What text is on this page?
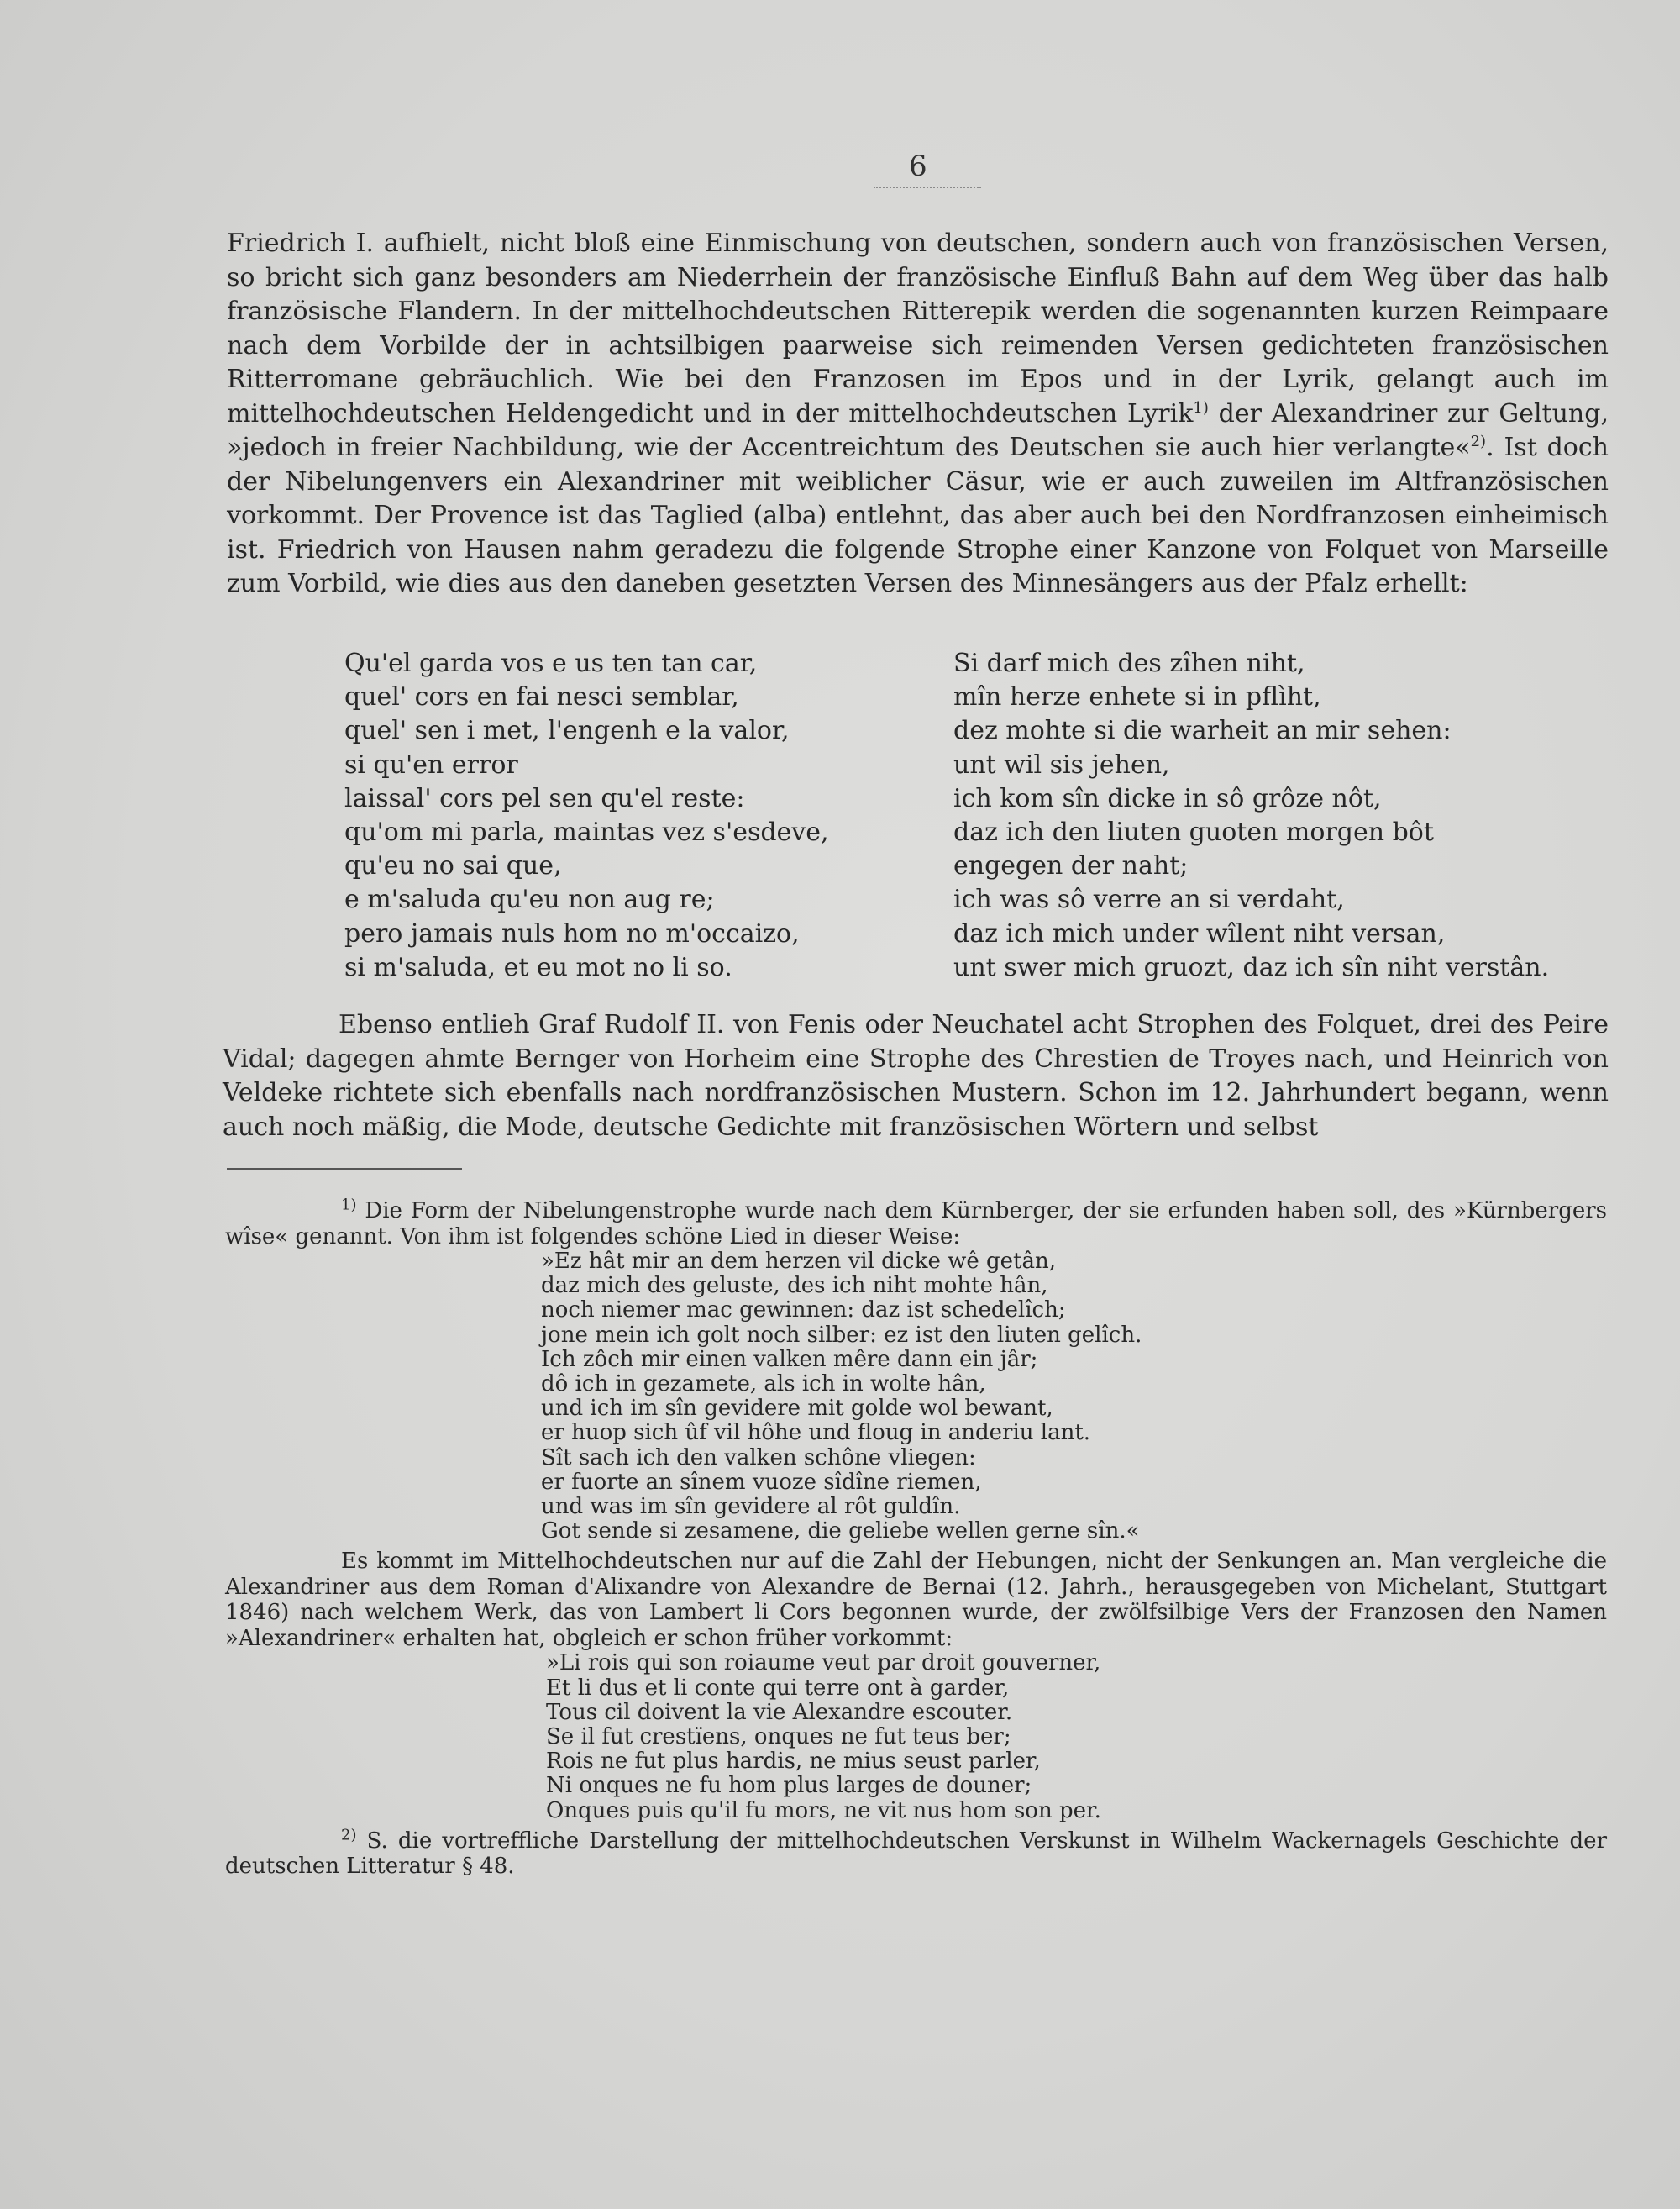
6

Friedrich I. aufhielt, nicht bloß eine Einmischung von deutschen, sondern auch von französischen Versen, so bricht sich ganz besonders am Niederrhein der französische Einfluß Bahn auf dem Weg über das halb französische Flandern. In der mittelhochdeutschen Ritterepik werden die sogenannten kurzen Reimpaare nach dem Vorbilde der in achtsilbigen paarweise sich reimenden Versen gedichteten französischen Ritterromane gebräuchlich. Wie bei den Franzosen im Epos und in der Lyrik, gelangt auch im mittelhochdeutschen Heldengedicht und in der mittelhochdeutschen Lyrik$^{1)}$ der Alexandriner zur Geltung, »jedoch in freier Nachbildung, wie der Accentreichtum des Deutschen sie auch hier verlangte«$^{2)}$. Ist doch der Nibelungenvers ein Alexandriner mit weiblicher Cäsur, wie er auch zuweilen im Altfranzösischen vorkommt. Der Provence ist das Taglied (alba) entlehnt, das aber auch bei den Nordfranzosen einheimisch ist. Friedrich von Hausen nahm geradezu die folgende Strophe einer Kanzone von Folquet von Marseille zum Vorbild, wie dies aus den daneben gesetzten Versen des Minnesängers aus der Pfalz erhellt:

Qu'el garda vos e us ten tan car,
quel' cors en fai nesci semblar,
quel' sen i met, l'engenh e la valor,
si qu'en error
laissal' cors pel sen qu'el reste:
qu'om mi parla, maintas vez s'esdeve,
qu'eu no sai que,
e m'saluda qu'eu non aug re;
pero jamais nuls hom no m'occaizo,
si m'saluda, et eu mot no li so.
Si darf mich des zîhen niht,
mîn herze enhete si in pflìht,
dez mohte si die warheit an mir sehen:
unt wil sis jehen,
ich kom sîn dicke in sô grôze nôt,
daz ich den liuten guoten morgen bôt
engegen der naht;
ich was sô verre an si verdaht,
daz ich mich under wîlent niht versan,
unt swer mich gruozt, daz ich sîn niht verstân.

Ebenso entlieh Graf Rudolf II. von Fenis oder Neuchatel acht Strophen des Folquet, drei des Peire Vidal; dagegen ahmte Bernger von Horheim eine Strophe des Chrestien de Troyes nach, und Heinrich von Veldeke richtete sich ebenfalls nach nordfranzösischen Mustern. Schon im 12. Jahrhundert begann, wenn auch noch mäßig, die Mode, deutsche Gedichte mit französischen Wörtern und selbst

$^{1)}$ Die Form der Nibelungenstrophe wurde nach dem Kürnberger, der sie erfunden haben soll, des »Kürnbergers wîse« genannt. Von ihm ist folgendes schöne Lied in dieser Weise:

»Ez hât mir an dem herzen vil dicke wê getân,
daz mich des geluste, des ich niht mohte hân,
noch niemer mac gewinnen: daz ist schedelîch;
jone mein ich golt noch silber: ez ist den liuten gelîch.
Ich zôch mir einen valken mêre dann ein jâr;
dô ich in gezamete, als ich in wolte hân,
und ich im sîn gevidere mit golde wol bewant,
er huop sich ûf vil hôhe und floug in anderiu lant.
Sît sach ich den valken schône vliegen:
er fuorte an sînem vuoze sîdîne riemen,
und was im sîn gevidere al rôt guldîn.
Got sende si zesamene, die geliebe wellen gerne sîn.«

Es kommt im Mittelhochdeutschen nur auf die Zahl der Hebungen, nicht der Senkungen an. Man vergleiche die Alexandriner aus dem Roman d'Alixandre von Alexandre de Bernai (12. Jahrh., herausgegeben von Michelant, Stuttgart 1846) nach welchem Werk, das von Lambert li Cors begonnen wurde, der zwölfsilbige Vers der Franzosen den Namen »Alexandriner« erhalten hat, obgleich er schon früher vorkommt:

»Li rois qui son roiaume veut par droit gouverner,
Et li dus et li conte qui terre ont à garder,
Tous cil doivent la vie Alexandre escouter.
Se il fut crestïens, onques ne fut teus ber;
Rois ne fut plus hardis, ne mius seust parler,
Ni onques ne fu hom plus larges de douner;
Onques puis qu'il fu mors, ne vit nus hom son per.

$^{2)}$ S. die vortreffliche Darstellung der mittelhochdeutschen Verskunst in Wilhelm Wackernagels Geschichte der deutschen Litteratur § 48.
